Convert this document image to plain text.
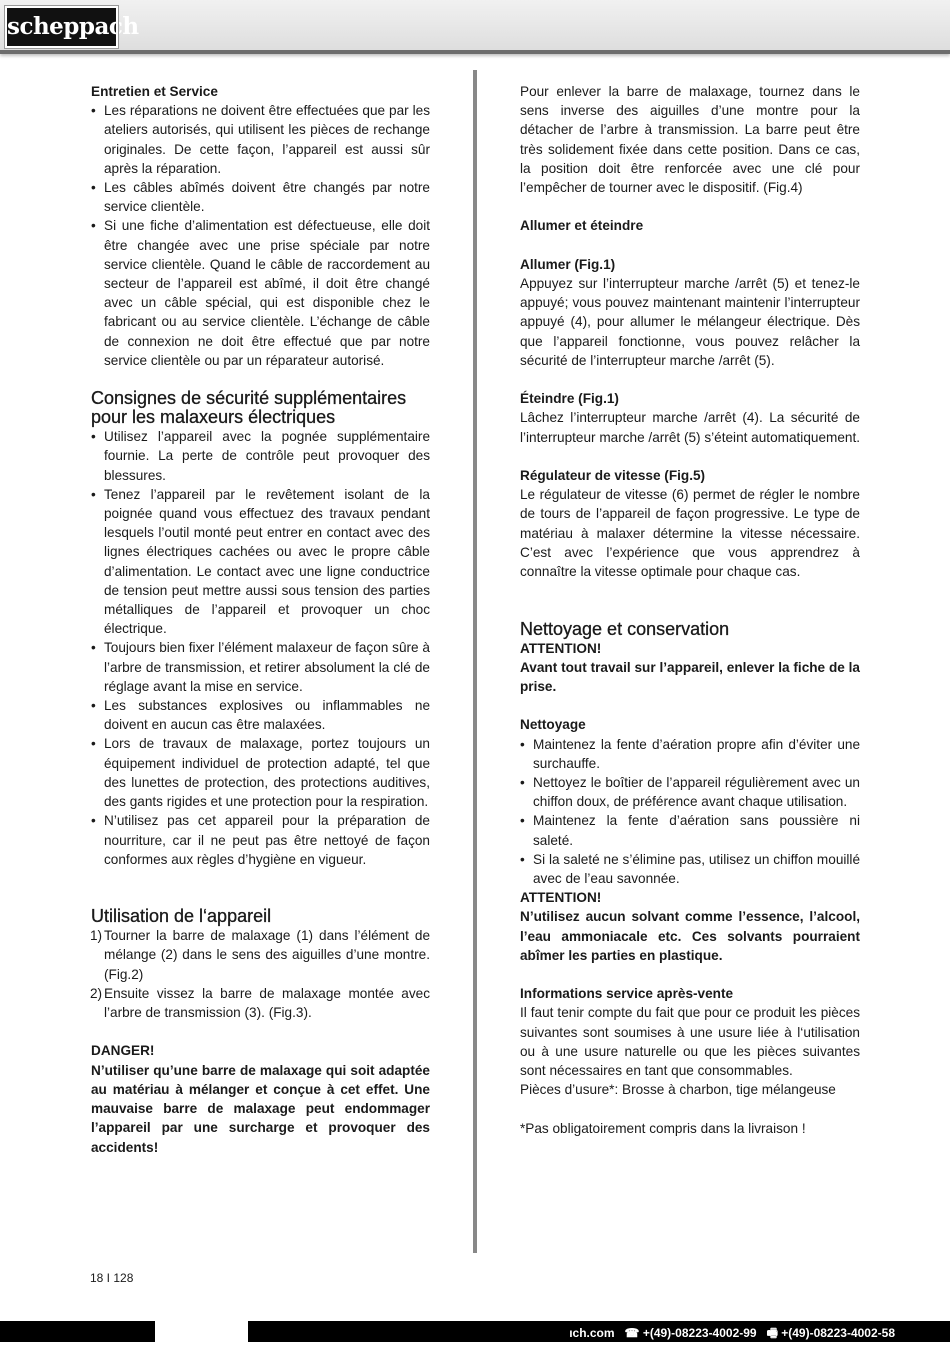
scheppach
Entretien et Service
• Les réparations ne doivent être effectuées que par les ateliers autorisés, qui utilisent les pièces de rechange originales. De cette façon, l’appareil est aussi sûr après la réparation.
• Les câbles abîmés doivent être changés par notre service clientèle.
• Si une fiche d’alimentation est défectueuse, elle doit être changée avec une prise spéciale par notre service clientèle. Quand le câble de raccordement au secteur de l’appareil est abîmé, il doit être changé avec un câble spécial, qui est disponible chez le fabricant ou au service clientèle. L’échange de câble de connexion ne doit être effectué que par notre service clientèle ou par un réparateur autorisé.
Consignes de sécurité supplémentaires
pour les malaxeurs électriques
• Utilisez l’appareil avec la pognée supplémentaire fournie. La perte de contrôle peut provoquer des blessures.
• Tenez l’appareil par le revêtement isolant de la poignée quand vous effectuez des travaux pendant lesquels l’outil monté peut entrer en contact avec des lignes électriques cachées ou avec le propre câble d’alimentation. Le contact avec une ligne conductrice de tension peut mettre aussi sous tension des parties métalliques de l’appareil et provoquer un choc électrique.
• Toujours bien fixer l’élément malaxeur de façon sûre à l’arbre de transmission, et retirer absolument la clé de réglage avant la mise en service.
• Les substances explosives ou inflammables ne doivent en aucun cas être malaxées.
• Lors de travaux de malaxage, portez toujours un équipement individuel de protection adapté, tel que des lunettes de protection, des protections auditives, des gants rigides et une protection pour la respiration.
• N’utilisez pas cet appareil pour la préparation de nourriture, car il ne peut pas être nettoyé de façon conformes aux règles d’hygiène en vigueur.
Utilisation de l‘appareil
1) Tourner la barre de malaxage (1) dans l’élément de mélange (2) dans le sens des aiguilles d’une montre. (Fig.2)
2) Ensuite vissez la barre de malaxage montée avec l’arbre de transmission (3). (Fig.3).
DANGER!

N’utiliser qu’une barre de malaxage qui soit adaptée au matériau à mélanger et conçue à cet effet. Une mauvaise barre de malaxage peut endommager l’appareil par une surcharge et provoquer des accidents!

Pour enlever la barre de malaxage, tournez dans le sens inverse des aiguilles d’une montre pour la détacher de l’arbre à transmission. La barre peut être très solidement fixée dans cette position. Dans ce cas, la position doit être renforcée avec une clé pour l’empêcher de tourner avec le dispositif. (Fig.4)

Allumer et éteindre
Allumer (Fig.1)

Appuyez sur l’interrupteur marche /arrêt (5) et tenez-le appuyé; vous pouvez maintenant maintenir l’interrupteur appuyé (4), pour allumer le mélangeur électrique. Dès que l’appareil fonctionne, vous pouvez relâcher la sécurité de l’interrupteur marche /arrêt (5).

Éteindre (Fig.1)

Lâchez l’interrupteur marche /arrêt (4). La sécurité de l’interrupteur marche /arrêt (5) s’éteint automatiquement.

Régulateur de vitesse (Fig.5)

Le régulateur de vitesse (6) permet de régler le nombre de tours de l’appareil de façon progressive. Le type de matériau à malaxer détermine la vitesse nécessaire. C’est avec l’expérience que vous apprendrez à connaître la vitesse optimale pour chaque cas.

Nettoyage et conservation
ATTENTION!

Avant tout travail sur l’appareil, enlever la fiche de la prise.

Nettoyage
• Maintenez la fente d’aération propre afin d’éviter une surchauffe.
• Nettoyez le boîtier de l’appareil régulièrement avec un chiffon doux, de préférence avant chaque utilisation.
• Maintenez la fente d’aération sans poussière ni saleté.
• Si la saleté ne s’élimine pas, utilisez un chiffon mouillé avec de l’eau savonnée.
ATTENTION!

N’utilisez aucun solvant comme l’essence, l’alcool, l’eau ammoniacale etc. Ces solvants pourraient abîmer les parties en plastique.

Informations service après-vente

Il faut tenir compte du fait que pour ce produit les pièces suivantes sont soumises à une usure liée à l‘utilisation ou à une usure naturelle ou que les pièces suivantes sont nécessaires en tant que consommables.

Pièces d’usure*: Brosse à charbon, tige mélangeuse

*Pas obligatoirement compris dans la livraison !

18 I 128
ıch.com   ☎ +(49)-08223-4002-99   🖷 +(49)-08223-4002-58
